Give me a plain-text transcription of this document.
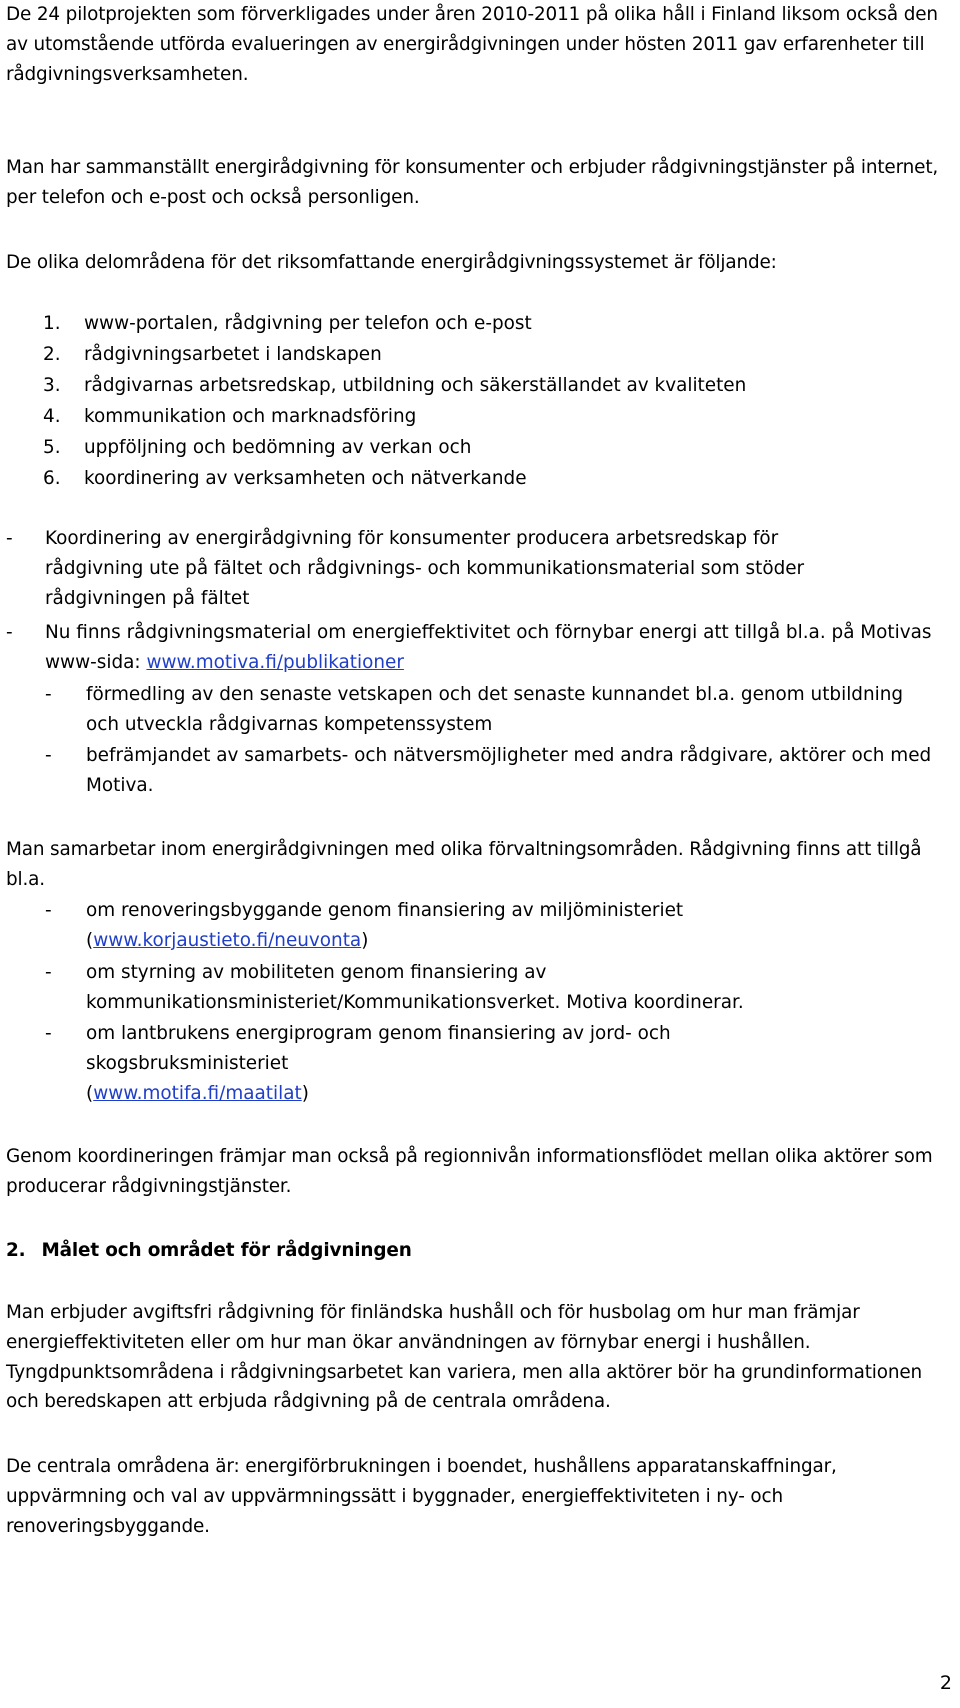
De 24 pilotprojekten som förverkligades under åren 2010-2011 på olika håll i Finland liksom också den av utomstående utförda evalueringen av energirådgivningen under hösten 2011 gav erfarenheter till rådgivningsverksamheten.

Man har sammanställt energirådgivning för konsumenter och erbjuder rådgivningstjänster på internet, per telefon och e-post och också personligen.

De olika delområdena för det riksomfattande energirådgivningssystemet är följande:

1. www-portalen, rådgivning per telefon och e-post
2. rådgivningsarbetet i landskapen
3. rådgivarnas arbetsredskap, utbildning och säkerställandet av kvaliteten
4. kommunikation och marknadsföring
5. uppföljning och bedömning av verkan och
6. koordinering av verksamheten och nätverkande
- Koordinering av energirådgivning för konsumenter producera arbetsredskap för rådgivning ute på fältet och rådgivnings- och kommunikationsmaterial som stöder rådgivningen på fältet

- Nu finns rådgivningsmaterial om energieffektivitet och förnybar energi att tillgå bl.a. på Motivas www-sida: www.motiva.fi/publikationer

- förmedling av den senaste vetskapen och det senaste kunnandet bl.a. genom utbildning och utveckla rådgivarnas kompetenssystem

- befrämjandet av samarbets- och nätversmöjligheter med andra rådgivare, aktörer och med Motiva.

Man samarbetar inom energirådgivningen med olika förvaltningsområden. Rådgivning finns att tillgå bl.a.

- om renoveringsbyggande genom finansiering av miljöministeriet
(www.korjaustieto.fi/neuvonta)

- om styrning av mobiliteten genom finansiering av kommunikationsministeriet/Kommunikationsverket. Motiva koordinerar.

- om lantbrukens energiprogram genom finansiering av jord- och skogsbruksministeriet
(www.motifa.fi/maatilat)

Genom koordineringen främjar man också på regionnivån informationsflödet mellan olika aktörer som producerar rådgivningstjänster.

2. Målet och området för rådgivningen

Man erbjuder avgiftsfri rådgivning för finländska hushåll och för husbolag om hur man främjar energieffektiviteten eller om hur man ökar användningen av förnybar energi i hushållen. Tyngdpunktsområdena i rådgivningsarbetet kan variera, men alla aktörer bör ha grundinformationen och beredskapen att erbjuda rådgivning på de centrala områdena.

De centrala områdena är: energiförbrukningen i boendet, hushållens apparatanskaffningar, uppvärmning och val av uppvärmningssätt i byggnader, energieffektiviteten i ny- och renoveringsbyggande.

2
